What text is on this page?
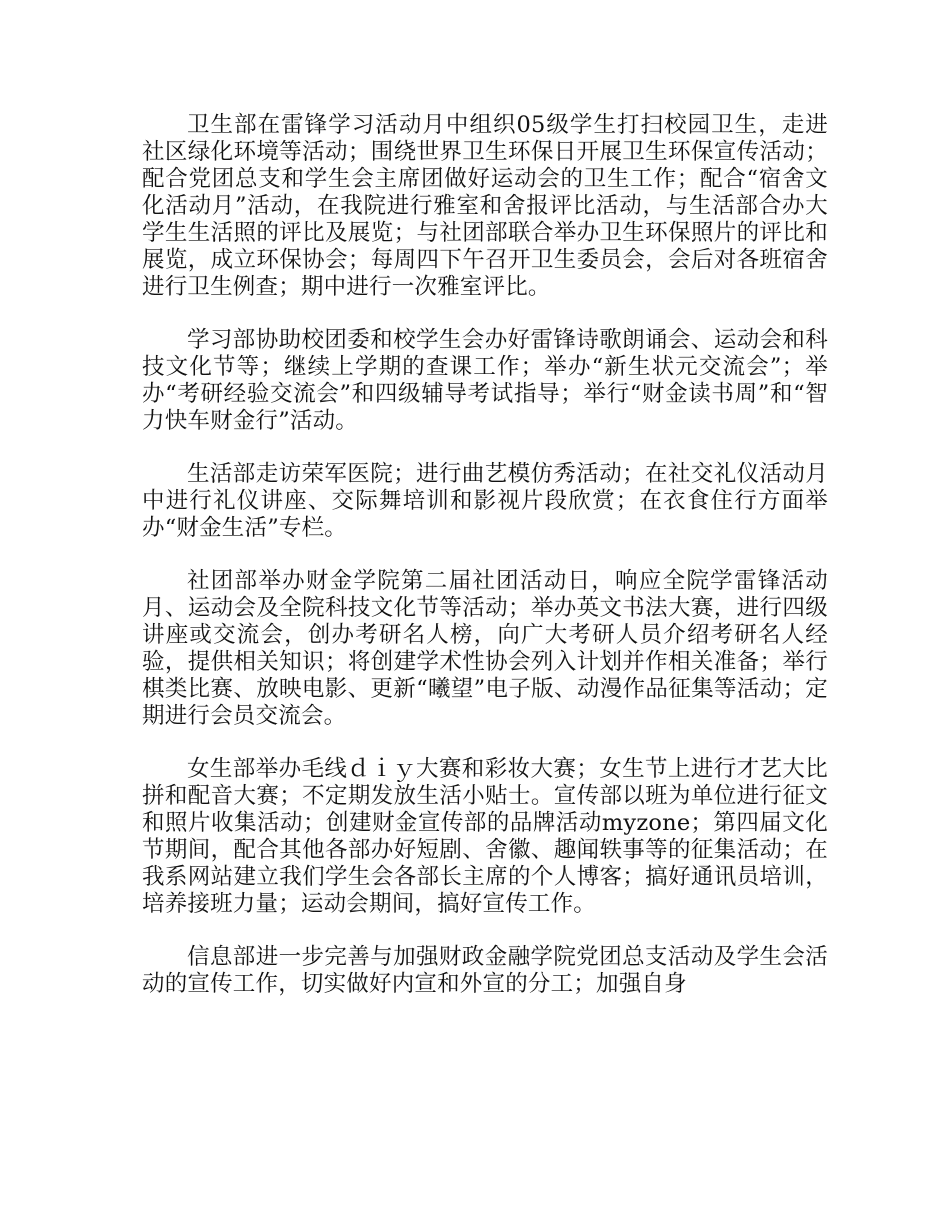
卫生部在雷锋学习活动月中组织05级学生打扫校园卫生，走进社区绿化环境等活动；围绕世界卫生环保日开展卫生环保宣传活动；配合党团总支和学生会主席团做好运动会的卫生工作；配合“宿舍文化活动月”活动，在我院进行雅室和舍报评比活动，与生活部合办大学生生活照的评比及展览；与社团部联合举办卫生环保照片的评比和展览，成立环保协会；每周四下午召开卫生委员会，会后对各班宿舍进行卫生例查；期中进行一次雅室评比。

学习部协助校团委和校学生会办好雷锋诗歌朗诵会、运动会和科技文化节等；继续上学期的查课工作；举办“新生状元交流会”；举办“考研经验交流会”和四级辅导考试指导；举行“财金读书周”和“智力快车财金行”活动。

生活部走访荣军医院；进行曲艺模仿秀活动；在社交礼仪活动月中进行礼仪讲座、交际舞培训和影视片段欣赏；在衣食住行方面举办“财金生活”专栏。

社团部举办财金学院第二届社团活动日，响应全院学雷锋活动月、运动会及全院科技文化节等活动；举办英文书法大赛，进行四级讲座或交流会，创办考研名人榜，向广大考研人员介绍考研名人经验，提供相关知识；将创建学术性协会列入计划并作相关准备；举行棋类比赛、放映电影、更新“曦望”电子版、动漫作品征集等活动；定期进行会员交流会。

女生部举办毛线ｄｉｙ大赛和彩妆大赛；女生节上进行才艺大比拼和配音大赛；不定期发放生活小贴士。宣传部以班为单位进行征文和照片收集活动；创建财金宣传部的品牌活动myzone；第四届文化节期间，配合其他各部办好短剧、舍徽、趣闻轶事等的征集活动；在我系网站建立我们学生会各部长主席的个人博客；搞好通讯员培训，培养接班力量；运动会期间，搞好宣传工作。

信息部进一步完善与加强财政金融学院党团总支活动及学生会活动的宣传工作，切实做好内宣和外宣的分工；加强自身
